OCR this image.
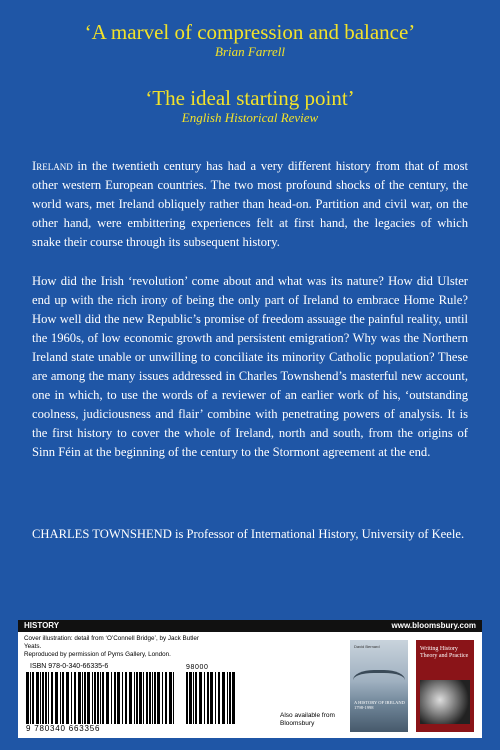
‘A marvel of compression and balance’
Brian Farrell
‘The ideal starting point’
English Historical Review
Ireland in the twentieth century has had a very different history from that of most other western European countries. The two most profound shocks of the century, the world wars, met Ireland obliquely rather than head-on. Partition and civil war, on the other hand, were embittering experiences felt at first hand, the legacies of which snake their course through its subsequent history.
How did the Irish ‘revolution’ come about and what was its nature? How did Ulster end up with the rich irony of being the only part of Ireland to embrace Home Rule? How well did the new Republic’s promise of freedom assuage the painful reality, until the 1960s, of low economic growth and persistent emigration? Why was the Northern Ireland state unable or unwilling to conciliate its minority Catholic population? These are among the many issues addressed in Charles Townshend’s masterful new account, one in which, to use the words of a reviewer of an earlier work of his, ‘outstanding coolness, judiciousness and flair’ combine with penetrating powers of analysis. It is the first history to cover the whole of Ireland, north and south, from the origins of Sinn Féin at the beginning of the century to the Stormont agreement at the end.
CHARLES TOWNSHEND is Professor of International History, University of Keele.
HISTORY	www.bloomsbury.com
Cover illustration: detail from ‘O’Connell Bridge’, by Jack Butler Yeats.
Reproduced by permission of Pyms Gallery, London.
ISBN 978-0-340-66335-6
9 780340 663356
98000
Also available from Bloomsbury
David Bernard
A HISTORY OF IRELAND 1798-1998
Writing History Theory and Practice
